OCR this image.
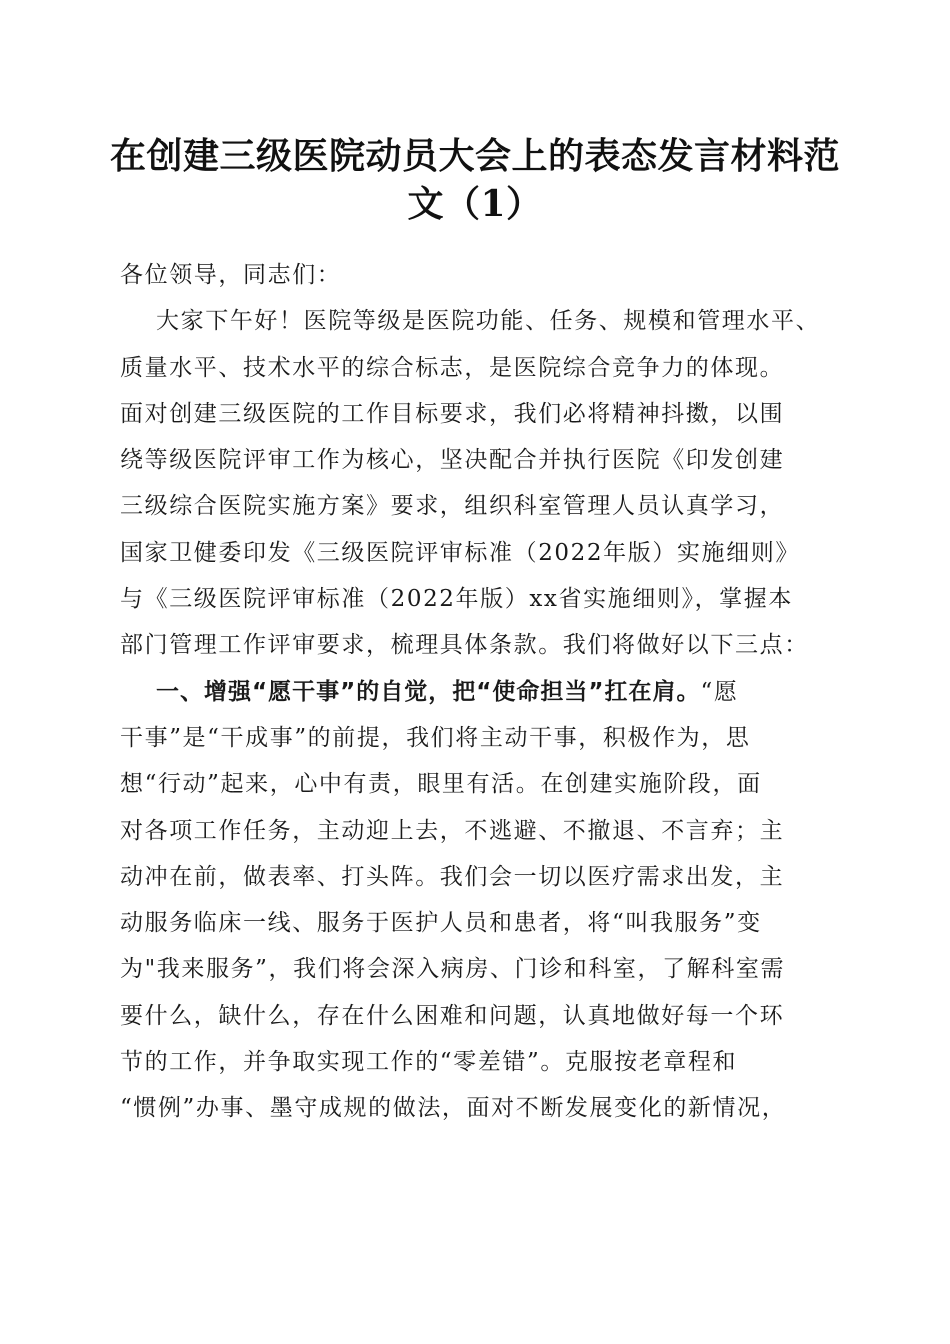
在创建三级医院动员大会上的表态发言材料范
文（1）
各位领导，同志们：
大家下午好！医院等级是医院功能、任务、规模和管理水平、
质量水平、技术水平的综合标志，是医院综合竞争力的体现。
面对创建三级医院的工作目标要求，我们必将精神抖擞，以围
绕等级医院评审工作为核心，坚决配合并执行医院《印发创建
三级综合医院实施方案》要求，组织科室管理人员认真学习，
国家卫健委印发《三级医院评审标准（2022年版）实施细则》
与《三级医院评审标准（2022年版）xx省实施细则》，掌握本
部门管理工作评审要求，梳理具体条款。我们将做好以下三点：
一、增强“愿干事”的自觉，把“使命担当”扛在肩。“愿
干事”是“干成事”的前提，我们将主动干事，积极作为，思
想“行动”起来，心中有责，眼里有活。在创建实施阶段，面
对各项工作任务，主动迎上去，不逃避、不撤退、不言弃；主
动冲在前，做表率、打头阵。我们会一切以医疗需求出发，主
动服务临床一线、服务于医护人员和患者，将“叫我服务”变
为"我来服务”，我们将会深入病房、门诊和科室，了解科室需
要什么，缺什么，存在什么困难和问题，认真地做好每一个环
节的工作，并争取实现工作的“零差错”。克服按老章程和
“惯例”办事、墨守成规的做法，面对不断发展变化的新情况，
